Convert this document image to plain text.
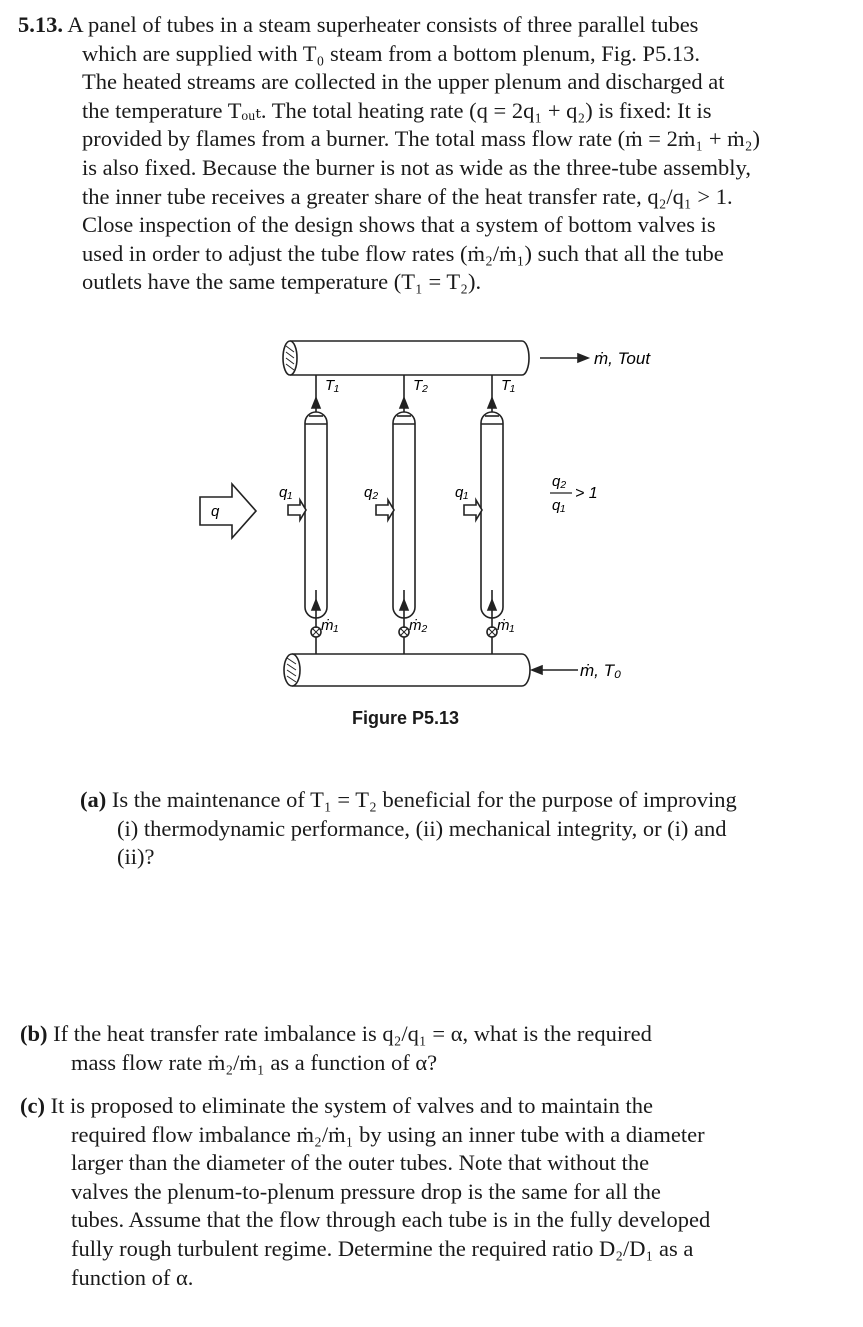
5.13. A panel of tubes in a steam superheater consists of three parallel tubes
which are supplied with T₀ steam from a bottom plenum, Fig. P5.13.
The heated streams are collected in the upper plenum and discharged at
the temperature Tₒᵤₜ. The total heating rate (q = 2q₁ + q₂) is fixed: It is
provided by flames from a burner. The total mass flow rate (ṁ = 2ṁ₁ + ṁ₂)
is also fixed. Because the burner is not as wide as the three-tube assembly,
the inner tube receives a greater share of the heat transfer rate, q₂/q₁ > 1.
Close inspection of the design shows that a system of bottom valves is
used in order to adjust the tube flow rates (ṁ₂/ṁ₁) such that all the tube
outlets have the same temperature (T₁ = T₂).
ṁ, Tout
ṁ, T₀
q
T₁	T₂	T₁
q₁	q₂	q₁
ṁ₁	ṁ₂	ṁ₁
q₂
q₁
> 1
Figure P5.13
(a) Is the maintenance of T₁ = T₂ beneficial for the purpose of improving
(i) thermodynamic performance, (ii) mechanical integrity, or (i) and
(ii)?
(b) If the heat transfer rate imbalance is q₂/q₁ = α, what is the required
mass flow rate ṁ₂/ṁ₁ as a function of α?
(c) It is proposed to eliminate the system of valves and to maintain the
required flow imbalance ṁ₂/ṁ₁ by using an inner tube with a diameter
larger than the diameter of the outer tubes. Note that without the
valves the plenum-to-plenum pressure drop is the same for all the
tubes. Assume that the flow through each tube is in the fully developed
fully rough turbulent regime. Determine the required ratio D₂/D₁ as a
function of α.
